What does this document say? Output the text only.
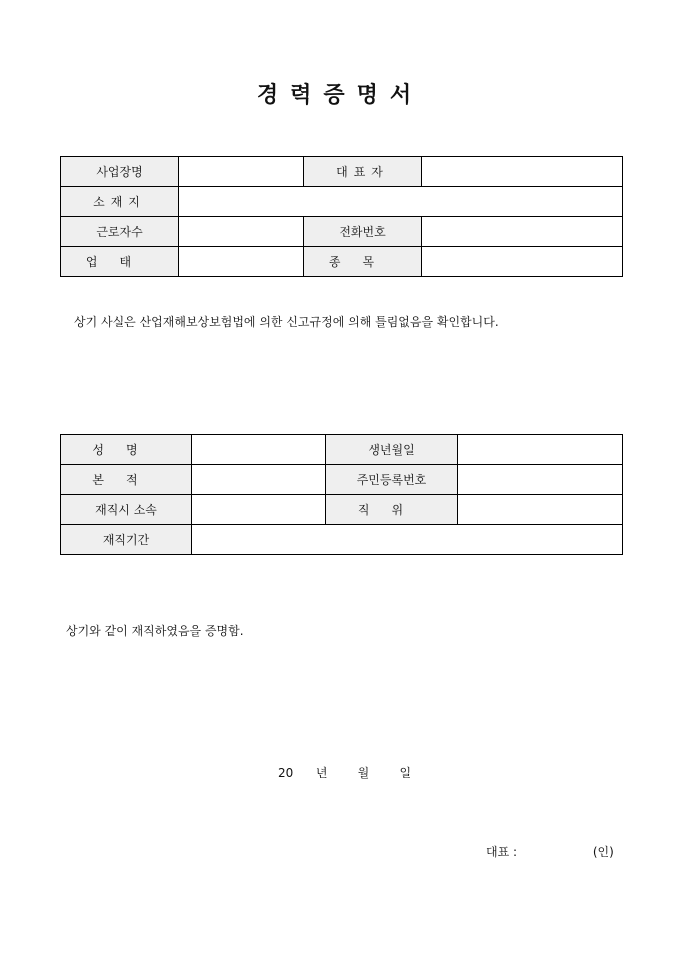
경력증명서
사업장명		대표자	
소재지			
근로자수		전화번호	
업태		종목	
상기 사실은 산업재해보상보험법에 의한 신고규정에 의해 틀림없음을 확인합니다.
성명		생년월일	
본적		주민등록번호	
재직시 소속		직위	
재직기간			
상기와 같이 재직하였음을 증명함.
20 년	월	일
대표 :	(인)
